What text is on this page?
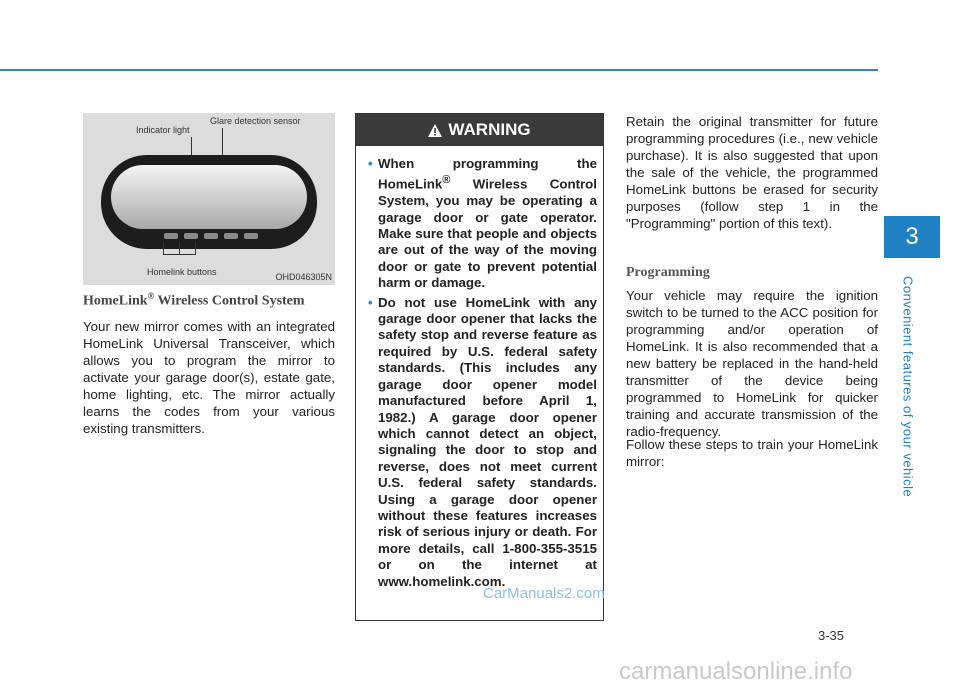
3
Convenient features of your vehicle
Indicator light
Glare detection sensor
Homelink buttons	OHD046305N
HomeLink® Wireless Control System
Your new mirror comes with an integrated HomeLink Universal Transceiver, which allows you to program the mirror to activate your garage door(s), estate gate, home lighting, etc. The mirror actually learns the codes from your various existing transmitters.
WARNING
• When programming the HomeLink® Wireless Control System, you may be operating a garage door or gate operator. Make sure that people and objects are out of the way of the moving door or gate to prevent potential harm or damage.
• Do not use HomeLink with any garage door opener that lacks the safety stop and reverse feature as required by U.S. federal safety standards. (This includes any garage door opener model manufactured before April 1, 1982.) A garage door opener which cannot detect an object, signaling the door to stop and reverse, does not meet current U.S. federal safety standards. Using a garage door opener without these features increases risk of serious injury or death. For more details, call 1-800-355-3515 or on the internet at www.homelink.com.
Retain the original transmitter for future programming procedures (i.e., new vehicle purchase). It is also suggested that upon the sale of the vehicle, the programmed HomeLink buttons be erased for security purposes (follow step 1 in the "Programming" portion of this text).
Programming
Your vehicle may require the ignition switch to be turned to the ACC position for programming and/or operation of HomeLink. It is also recommended that a new battery be replaced in the hand-held transmitter of the device being programmed to HomeLink for quicker training and accurate transmission of the radio-frequency.
Follow these steps to train your HomeLink mirror:
3-35
CarManuals2.com
carmanualsonline.info
